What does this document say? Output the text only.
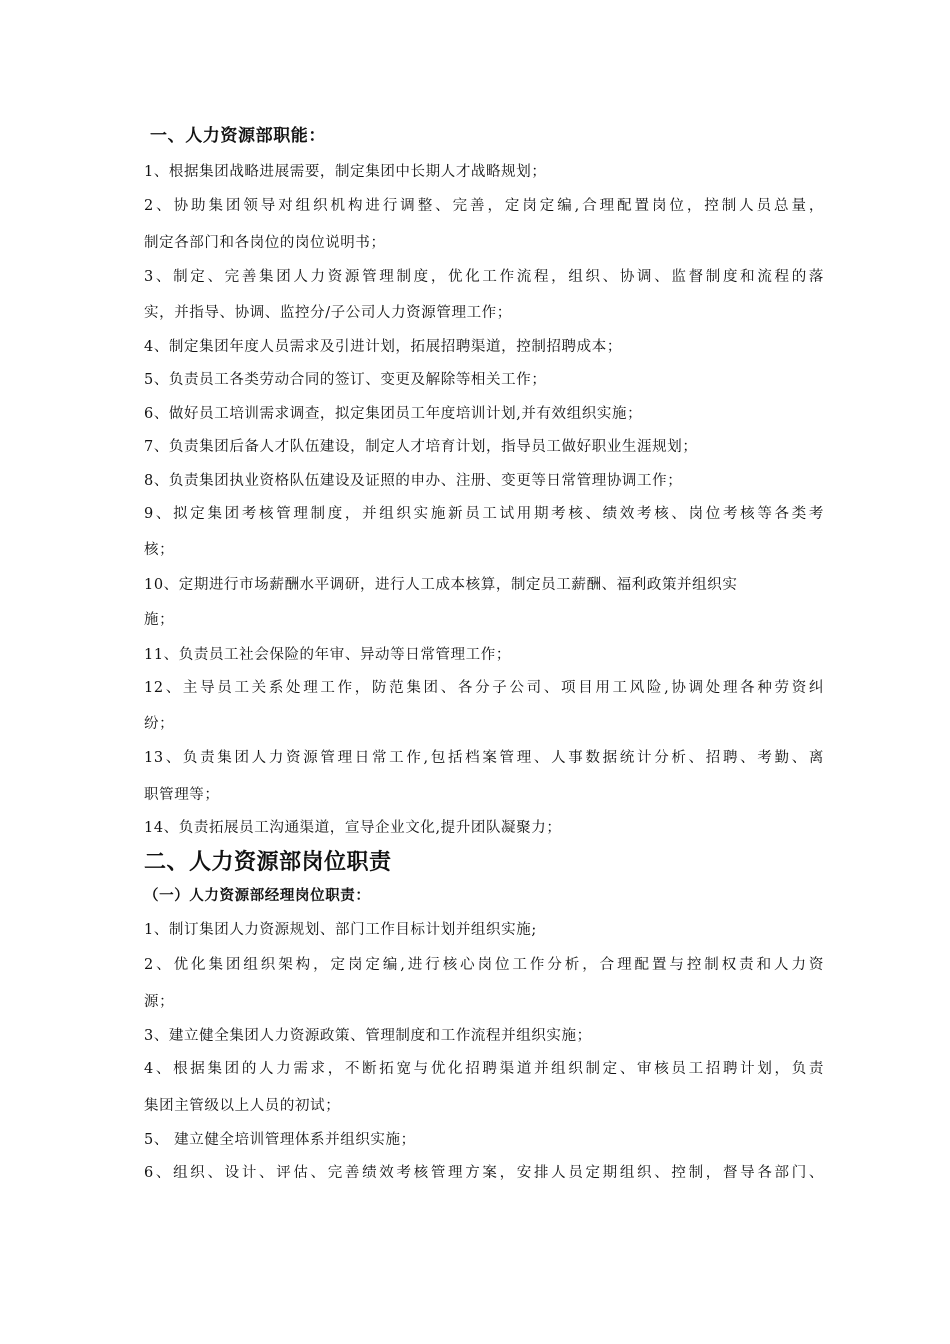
一、人力资源部职能：
1、根据集团战略进展需要，制定集团中长期人才战略规划；
2、协助集团领导对组织机构进行调整、完善，定岗定编,合理配置岗位，控制人员总量，
制定各部门和各岗位的岗位说明书；
3、制定、完善集团人力资源管理制度，优化工作流程，组织、协调、监督制度和流程的落
实，并指导、协调、监控分/子公司人力资源管理工作；
4、制定集团年度人员需求及引进计划，拓展招聘渠道，控制招聘成本；
5、负责员工各类劳动合同的签订、变更及解除等相关工作；
6、做好员工培训需求调查，拟定集团员工年度培训计划,并有效组织实施；
7、负责集团后备人才队伍建设，制定人才培育计划，指导员工做好职业生涯规划；
8、负责集团执业资格队伍建设及证照的申办、注册、变更等日常管理协调工作；
9、拟定集团考核管理制度，并组织实施新员工试用期考核、绩效考核、岗位考核等各类考
核；
10、定期进行市场薪酬水平调研，进行人工成本核算，制定员工薪酬、福利政策并组织实
施；
11、负责员工社会保险的年审、异动等日常管理工作；
12、主导员工关系处理工作，防范集团、各分子公司、项目用工风险,协调处理各种劳资纠
纷；
13、负责集团人力资源管理日常工作,包括档案管理、人事数据统计分析、招聘、考勤、离
职管理等；
14、负责拓展员工沟通渠道，宣导企业文化,提升团队凝聚力；
二、人力资源部岗位职责
（一）人力资源部经理岗位职责：
1、制订集团人力资源规划、部门工作目标计划并组织实施;
2、优化集团组织架构，定岗定编,进行核心岗位工作分析，合理配置与控制权责和人力资
源；
3、建立健全集团人力资源政策、管理制度和工作流程并组织实施；
4、根据集团的人力需求，不断拓宽与优化招聘渠道并组织制定、审核员工招聘计划，负责
集团主管级以上人员的初试；
5、 建立健全培训管理体系并组织实施；
6、组织、设计、评估、完善绩效考核管理方案，安排人员定期组织、控制，督导各部门、
